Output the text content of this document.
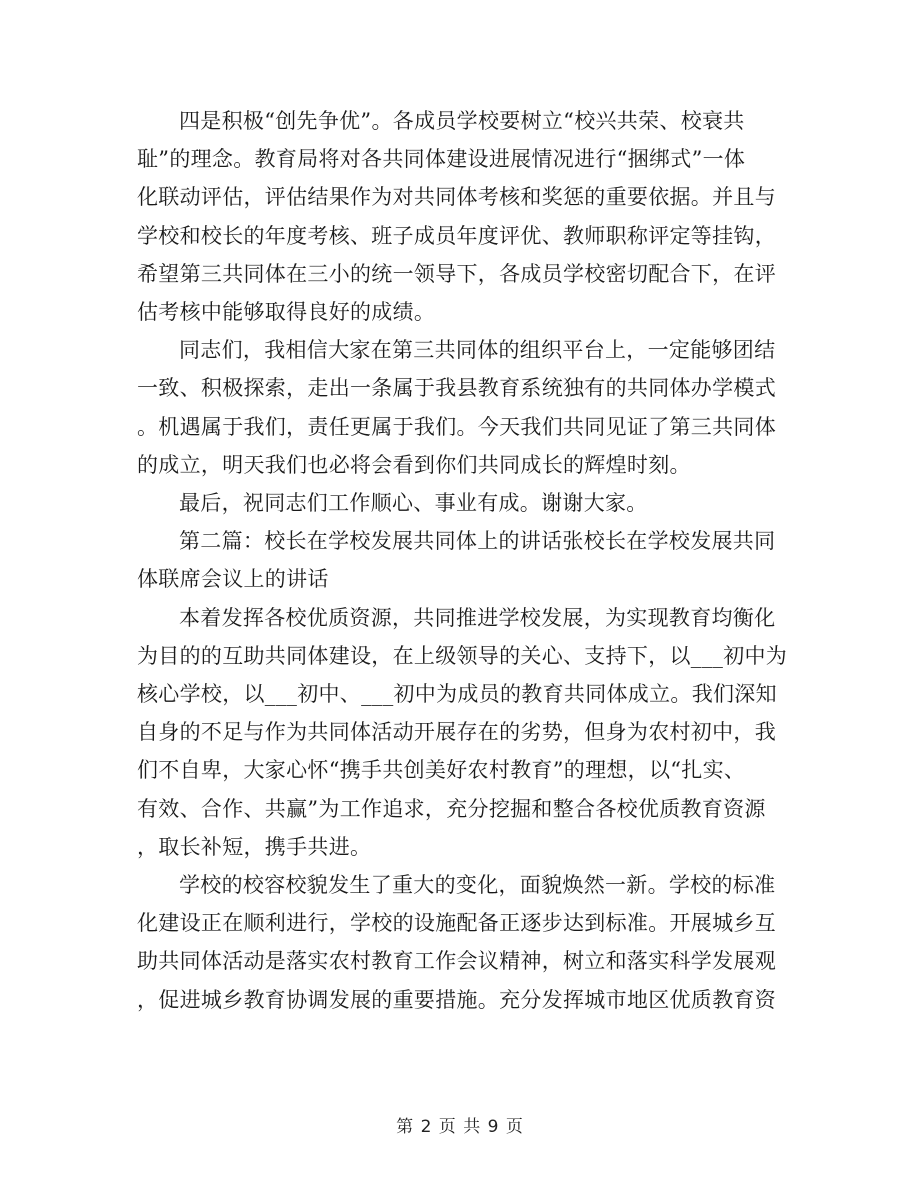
四是积极“创先争优”。各成员学校要树立“校兴共荣、校衰共
耻”的理念。教育局将对各共同体建设进展情况进行“捆绑式”一体
化联动评估，评估结果作为对共同体考核和奖惩的重要依据。并且与
学校和校长的年度考核、班子成员年度评优、教师职称评定等挂钩，
希望第三共同体在三小的统一领导下，各成员学校密切配合下，在评
估考核中能够取得良好的成绩。

同志们，我相信大家在第三共同体的组织平台上，一定能够团结
一致、积极探索，走出一条属于我县教育系统独有的共同体办学模式
。机遇属于我们，责任更属于我们。今天我们共同见证了第三共同体
的成立，明天我们也必将会看到你们共同成长的辉煌时刻。

最后，祝同志们工作顺心、事业有成。谢谢大家。

第二篇：校长在学校发展共同体上的讲话张校长在学校发展共同
体联席会议上的讲话

本着发挥各校优质资源，共同推进学校发展，为实现教育均衡化
为目的的互助共同体建设，在上级领导的关心、支持下，以___初中为
核心学校，以___初中、___初中为成员的教育共同体成立。我们深知
自身的不足与作为共同体活动开展存在的劣势，但身为农村初中，我
们不自卑，大家心怀“携手共创美好农村教育”的理想，以“扎实、
有效、合作、共赢”为工作追求，充分挖掘和整合各校优质教育资源
，取长补短，携手共进。

学校的校容校貌发生了重大的变化，面貌焕然一新。学校的标准
化建设正在顺利进行，学校的设施配备正逐步达到标准。开展城乡互
助共同体活动是落实农村教育工作会议精神，树立和落实科学发展观
，促进城乡教育协调发展的重要措施。充分发挥城市地区优质教育资

第 2 页 共 9 页
